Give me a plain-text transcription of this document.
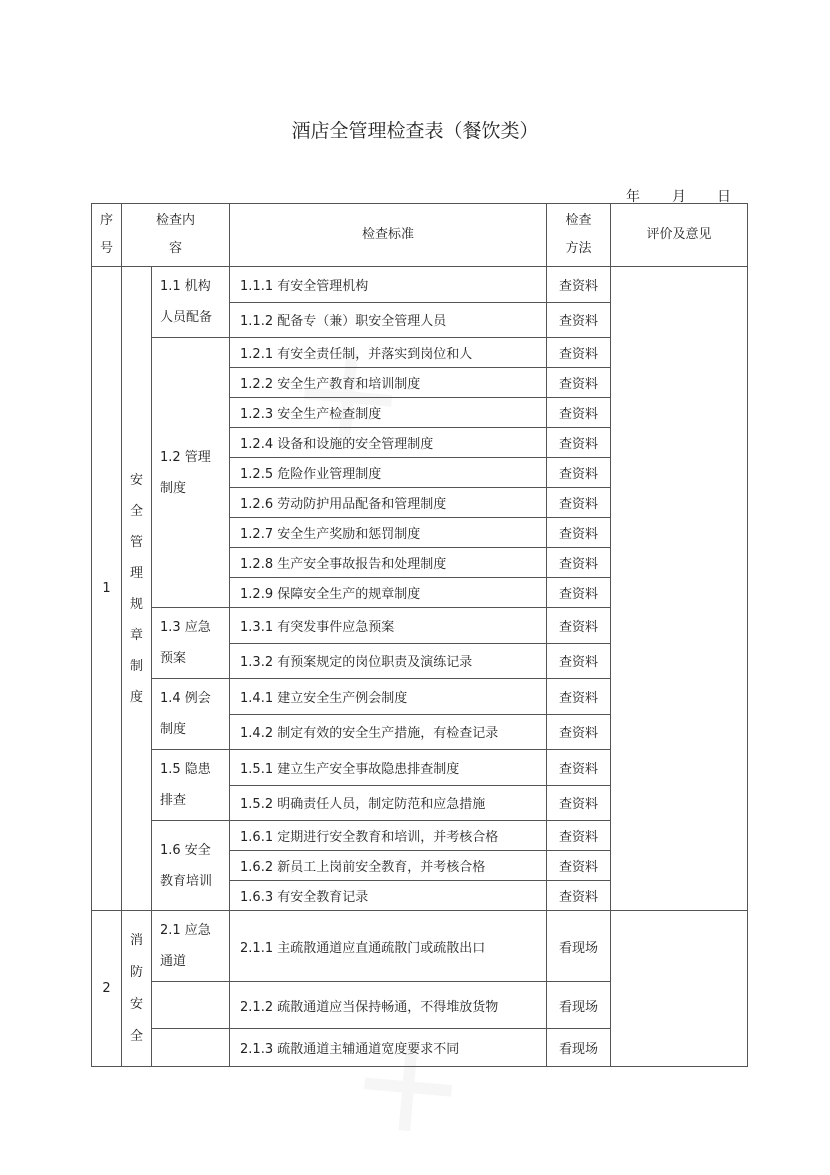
酒店全管理检查表（餐饮类）
年 月 日
序号	检查内容		检查标准	检查方法	评价及意见
1	安全管理规章制度	1.1 机构人员配备	1.1.1 有安全管理机构	查资料	
			1.1.2 配备专（兼）职安全管理人员	查资料	
		1.2 管理制度	1.2.1 有安全责任制，并落实到岗位和人	查资料	
			1.2.2 安全生产教育和培训制度	查资料	
			1.2.3 安全生产检查制度	查资料	
			1.2.4 设备和设施的安全管理制度	查资料	
			1.2.5 危险作业管理制度	查资料	
			1.2.6 劳动防护用品配备和管理制度	查资料	
			1.2.7 安全生产奖励和惩罚制度	查资料	
			1.2.8 生产安全事故报告和处理制度	查资料	
			1.2.9 保障安全生产的规章制度	查资料	
		1.3 应急预案	1.3.1 有突发事件应急预案	查资料	
			1.3.2 有预案规定的岗位职责及演练记录	查资料	
		1.4 例会制度	1.4.1 建立安全生产例会制度	查资料	
			1.4.2 制定有效的安全生产措施，有检查记录	查资料	
		1.5 隐患排查	1.5.1 建立生产安全事故隐患排查制度	查资料	
			1.5.2 明确责任人员，制定防范和应急措施	查资料	
		1.6 安全教育培训	1.6.1 定期进行安全教育和培训，并考核合格	查资料	
			1.6.2 新员工上岗前安全教育，并考核合格	查资料	
			1.6.3 有安全教育记录	查资料	
2	消防安全	2.1 应急通道	2.1.1 主疏散通道应直通疏散门或疏散出口	看现场	
			2.1.2 疏散通道应当保持畅通，不得堆放货物	看现场	
			2.1.3 疏散通道主辅通道宽度要求不同	看现场	
